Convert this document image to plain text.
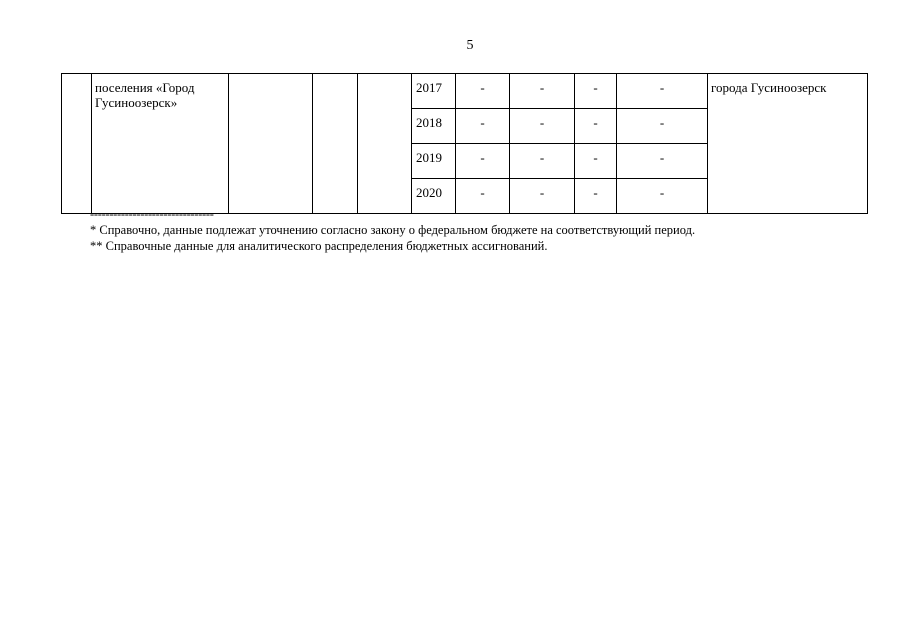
5
	поселения «Город Гусиноозерск»				2017	-	-	-	-	города Гусиноозерск
					2018	-	-	-	-	
					2019	-	-	-	-	
					2020	-	-	-	-	
--------------------------------
* Справочно, данные подлежат уточнению согласно закону о федеральном бюджете на соответствующий период.
** Справочные данные для аналитического распределения бюджетных ассигнований.
